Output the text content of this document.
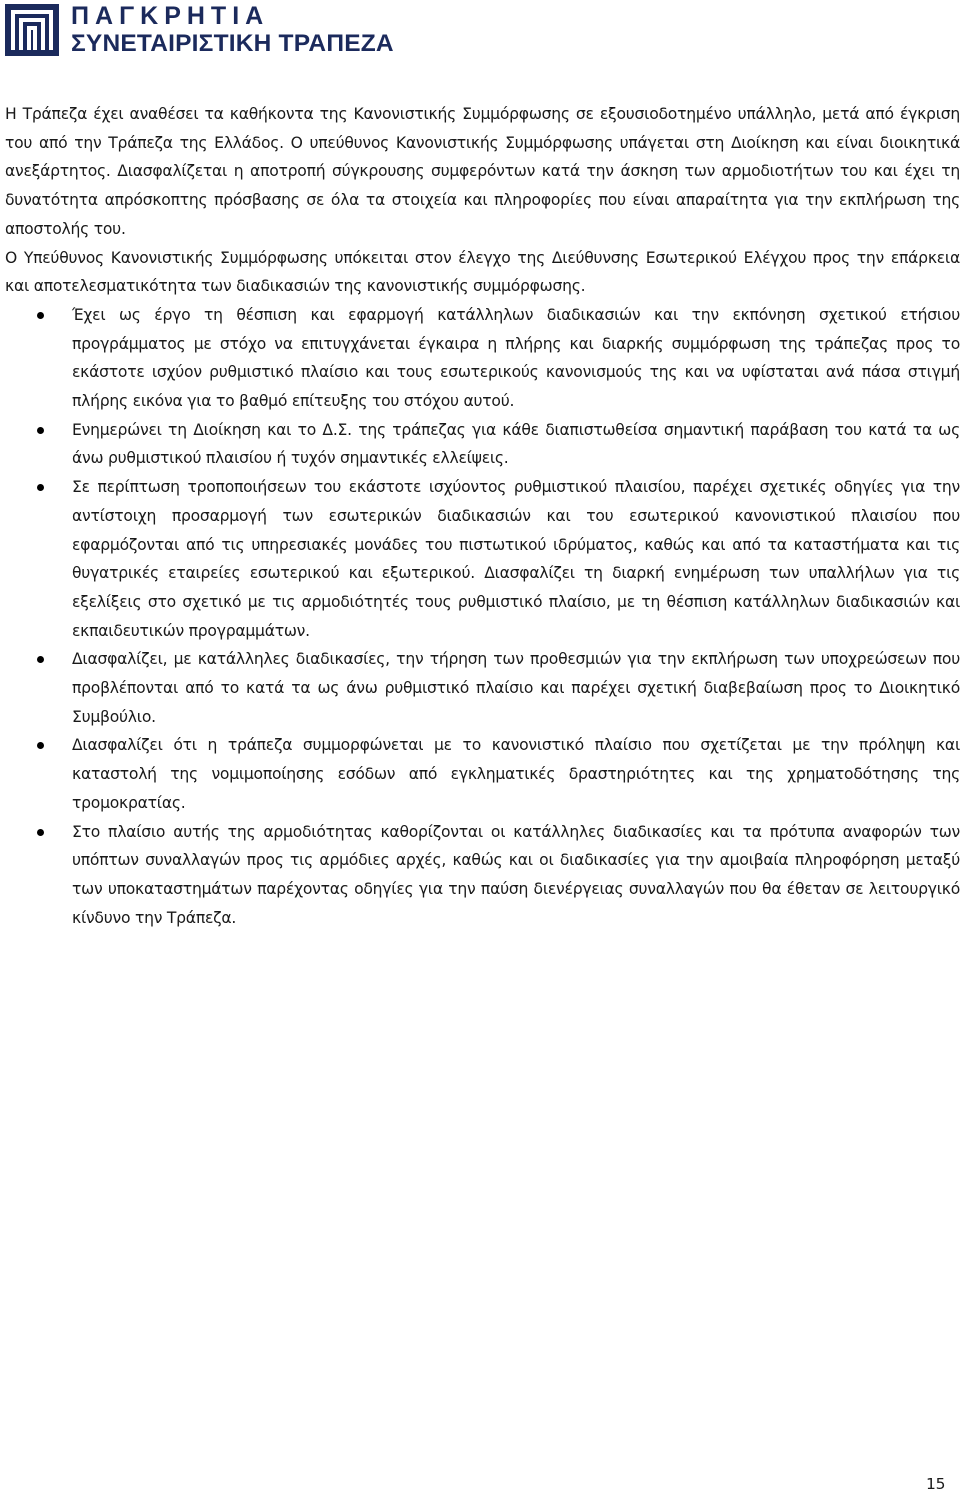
ΠΑΓΚΡΗΤΙΑ
ΣΥΝΕΤΑΙΡΙΣΤΙΚΗ ΤΡΑΠΕΖΑ

Η Τράπεζα έχει αναθέσει τα καθήκοντα της Κανονιστικής Συμμόρφωσης σε εξουσιοδοτημένο υπάλληλο, μετά από έγκριση του από την Τράπεζα της Ελλάδος. Ο υπεύθυνος Κανονιστικής Συμμόρφωσης υπάγεται στη Διοίκηση και είναι διοικητικά ανεξάρτητος. Διασφαλίζεται η αποτροπή σύγκρουσης συμφερόντων κατά την άσκηση των αρμοδιοτήτων του και έχει τη δυνατότητα απρόσκοπτης πρόσβασης σε όλα τα στοιχεία και πληροφορίες που είναι απαραίτητα για την εκπλήρωση της αποστολής του.

Ο Υπεύθυνος Κανονιστικής Συμμόρφωσης υπόκειται στον έλεγχο της Διεύθυνσης Εσωτερικού Ελέγχου προς την επάρκεια και αποτελεσματικότητα των διαδικασιών της κανονιστικής συμμόρφωσης.

Έχει ως έργο τη θέσπιση και εφαρμογή κατάλληλων διαδικασιών και την εκπόνηση σχετικού ετήσιου προγράμματος με στόχο να επιτυγχάνεται έγκαιρα η πλήρης και διαρκής συμμόρφωση της τράπεζας προς το εκάστοτε ισχύον ρυθμιστικό πλαίσιο και τους εσωτερικούς κανονισμούς της και να υφίσταται ανά πάσα στιγμή πλήρης εικόνα για το βαθμό επίτευξης του στόχου αυτού.
Ενημερώνει τη Διοίκηση και το Δ.Σ. της τράπεζας για κάθε διαπιστωθείσα σημαντική παράβαση του κατά τα ως άνω ρυθμιστικού πλαισίου ή τυχόν σημαντικές ελλείψεις.
Σε περίπτωση τροποποιήσεων του εκάστοτε ισχύοντος ρυθμιστικού πλαισίου, παρέχει σχετικές οδηγίες για την αντίστοιχη προσαρμογή των εσωτερικών διαδικασιών και του εσωτερικού κανονιστικού πλαισίου που εφαρμόζονται από τις υπηρεσιακές μονάδες του πιστωτικού ιδρύματος, καθώς και από τα καταστήματα και τις θυγατρικές εταιρείες εσωτερικού και εξωτερικού. Διασφαλίζει τη διαρκή ενημέρωση των υπαλλήλων για τις εξελίξεις στο σχετικό με τις αρμοδιότητές τους ρυθμιστικό πλαίσιο, με τη θέσπιση κατάλληλων διαδικασιών και εκπαιδευτικών προγραμμάτων.
Διασφαλίζει, με κατάλληλες διαδικασίες, την τήρηση των προθεσμιών για την εκπλήρωση των υποχρεώσεων που προβλέπονται από το κατά τα ως άνω ρυθμιστικό πλαίσιο και παρέχει σχετική διαβεβαίωση προς το Διοικητικό Συμβούλιο.
Διασφαλίζει ότι η τράπεζα συμμορφώνεται με το κανονιστικό πλαίσιο που σχετίζεται με την πρόληψη και καταστολή της νομιμοποίησης εσόδων από εγκληματικές δραστηριότητες και της χρηματοδότησης της τρομοκρατίας.
Στο πλαίσιο αυτής της αρμοδιότητας καθορίζονται οι κατάλληλες διαδικασίες και τα πρότυπα αναφορών των υπόπτων συναλλαγών προς τις αρμόδιες αρχές, καθώς και οι διαδικασίες για την αμοιβαία πληροφόρηση μεταξύ των υποκαταστημάτων παρέχοντας οδηγίες για την παύση διενέργειας συναλλαγών που θα έθεταν σε λειτουργικό κίνδυνο την Τράπεζα.
15
